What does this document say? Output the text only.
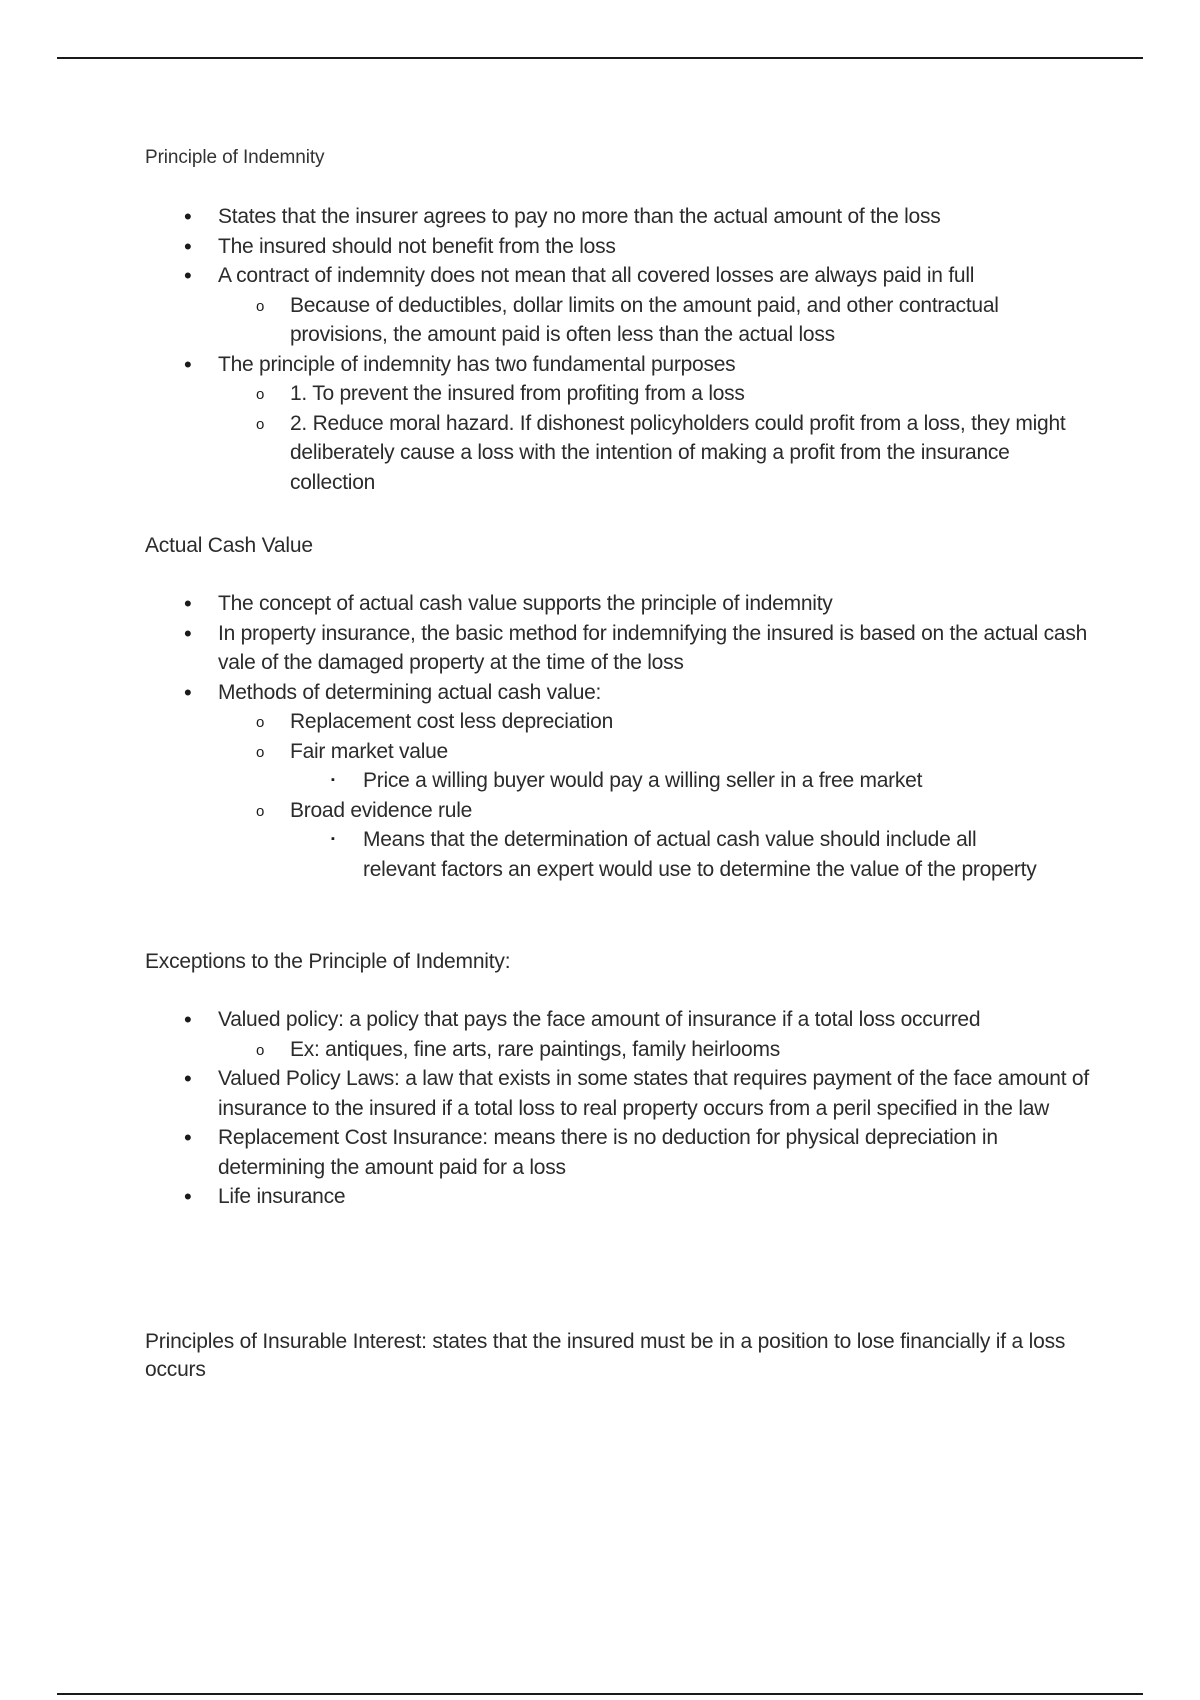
Principle of Indemnity
• States that the insurer agrees to pay no more than the actual amount of the loss
• The insured should not benefit from the loss
• A contract of indemnity does not mean that all covered losses are always paid in full
o Because of deductibles, dollar limits on the amount paid, and other contractual provisions, the amount paid is often less than the actual loss
• The principle of indemnity has two fundamental purposes
o 1. To prevent the insured from profiting from a loss
o 2. Reduce moral hazard. If dishonest policyholders could profit from a loss, they might deliberately cause a loss with the intention of making a profit from the insurance collection
Actual Cash Value
• The concept of actual cash value supports the principle of indemnity
• In property insurance, the basic method for indemnifying the insured is based on the actual cash vale of the damaged property at the time of the loss
• Methods of determining actual cash value:
o Replacement cost less depreciation
o Fair market value
▪ Price a willing buyer would pay a willing seller in a free market
o Broad evidence rule
▪ Means that the determination of actual cash value should include all relevant factors an expert would use to determine the value of the property
Exceptions to the Principle of Indemnity:
• Valued policy: a policy that pays the face amount of insurance if a total loss occurred
o Ex: antiques, fine arts, rare paintings, family heirlooms
• Valued Policy Laws: a law that exists in some states that requires payment of the face amount of insurance to the insured if a total loss to real property occurs from a peril specified in the law
• Replacement Cost Insurance: means there is no deduction for physical depreciation in determining the amount paid for a loss
• Life insurance
Principles of Insurable Interest: states that the insured must be in a position to lose financially if a loss occurs
